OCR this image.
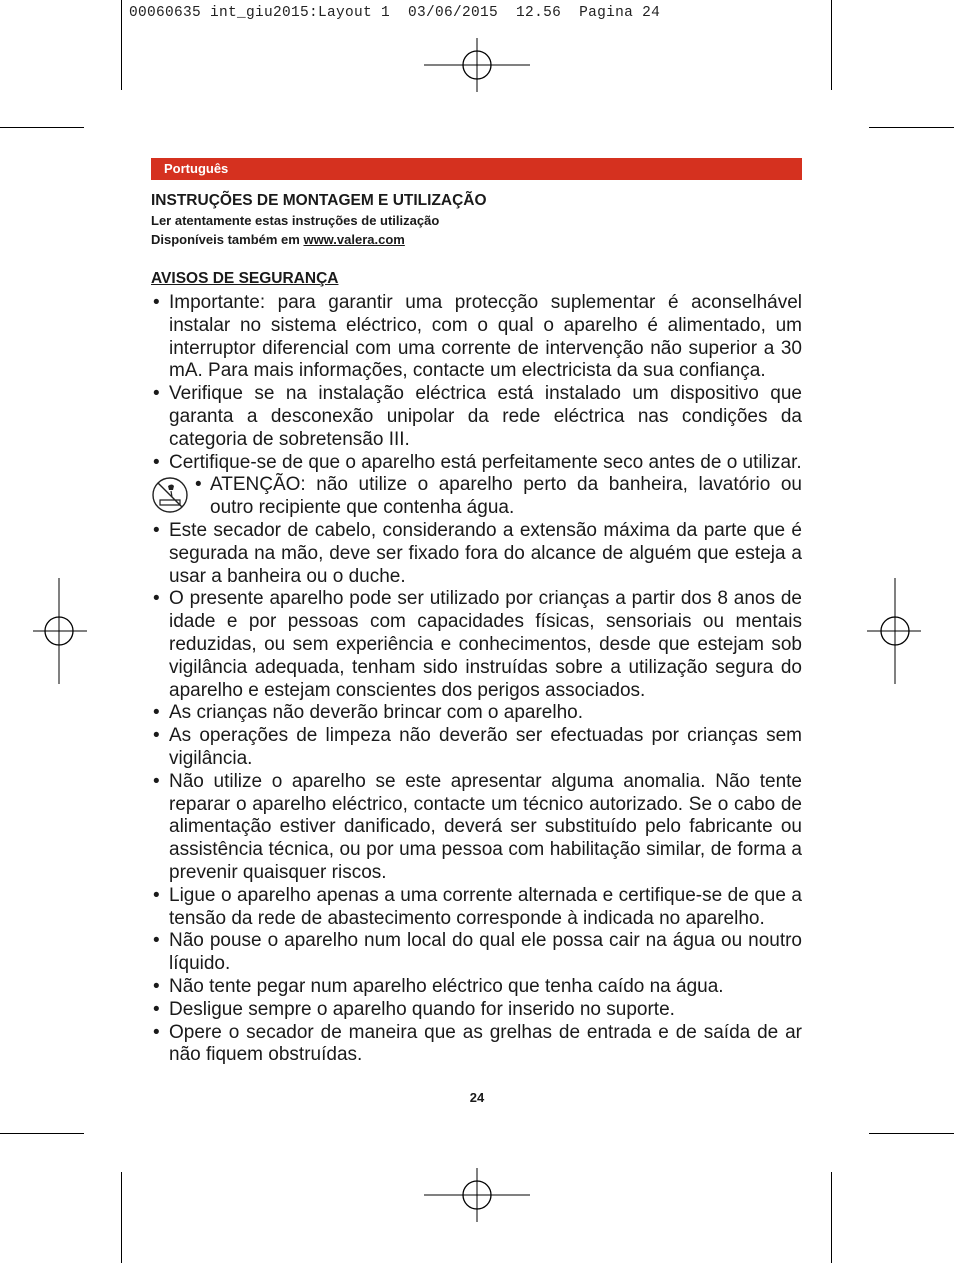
00060635 int_giu2015:Layout 1  03/06/2015  12.56  Pagina 24
Português
INSTRUÇÕES DE MONTAGEM E UTILIZAÇÃO
Ler atentamente estas instruções de utilização
Disponíveis também em www.valera.com
AVISOS DE SEGURANÇA
• Importante: para garantir uma protecção suplementar é aconselhável instalar no sistema eléctrico, com o qual o aparelho é alimentado, um interruptor diferencial com uma corrente de intervenção não superior a 30 mA. Para mais informações, contacte um electricista da sua confiança.
• Verifique se na instalação eléctrica está instalado um dispositivo que garanta a desconexão unipolar da rede eléctrica nas condições da categoria de sobretensão III.
• Certifique-se de que o aparelho está perfeitamente seco antes de o utilizar.
• ATENÇÃO: não utilize o aparelho perto da banheira, lavatório ou outro recipiente que contenha água.
• Este secador de cabelo, considerando a extensão máxima da parte que é segurada na mão, deve ser fixado fora do alcance de alguém que esteja a usar a banheira ou o duche.
• O presente aparelho pode ser utilizado por crianças a partir dos 8 anos de idade e por pessoas com capacidades físicas, sensoriais ou mentais reduzidas, ou sem experiência e conhecimentos, desde que estejam sob vigilância adequada, tenham sido instruídas sobre a utilização segura do aparelho e estejam conscientes dos perigos associados.
• As crianças não deverão brincar com o aparelho.
• As operações de limpeza não deverão ser efectuadas por crianças sem vigilância.
• Não utilize o aparelho se este apresentar alguma anomalia. Não tente reparar o aparelho eléctrico, contacte um técnico autorizado. Se o cabo de alimentação estiver danificado, deverá ser substituído pelo fabricante ou assistência técnica, ou por uma pessoa com habilitação similar, de forma a prevenir quaisquer riscos.
• Ligue o aparelho apenas a uma corrente alternada e certifique-se de que a tensão da rede de abastecimento corresponde à indicada no aparelho.
• Não pouse o aparelho num local do qual ele possa cair na água ou noutro líquido.
• Não tente pegar num aparelho eléctrico que tenha caído na água.
• Desligue sempre o aparelho quando for inserido no suporte.
• Opere o secador de maneira que as grelhas de entrada e de saída de ar não fiquem obstruídas.
24
